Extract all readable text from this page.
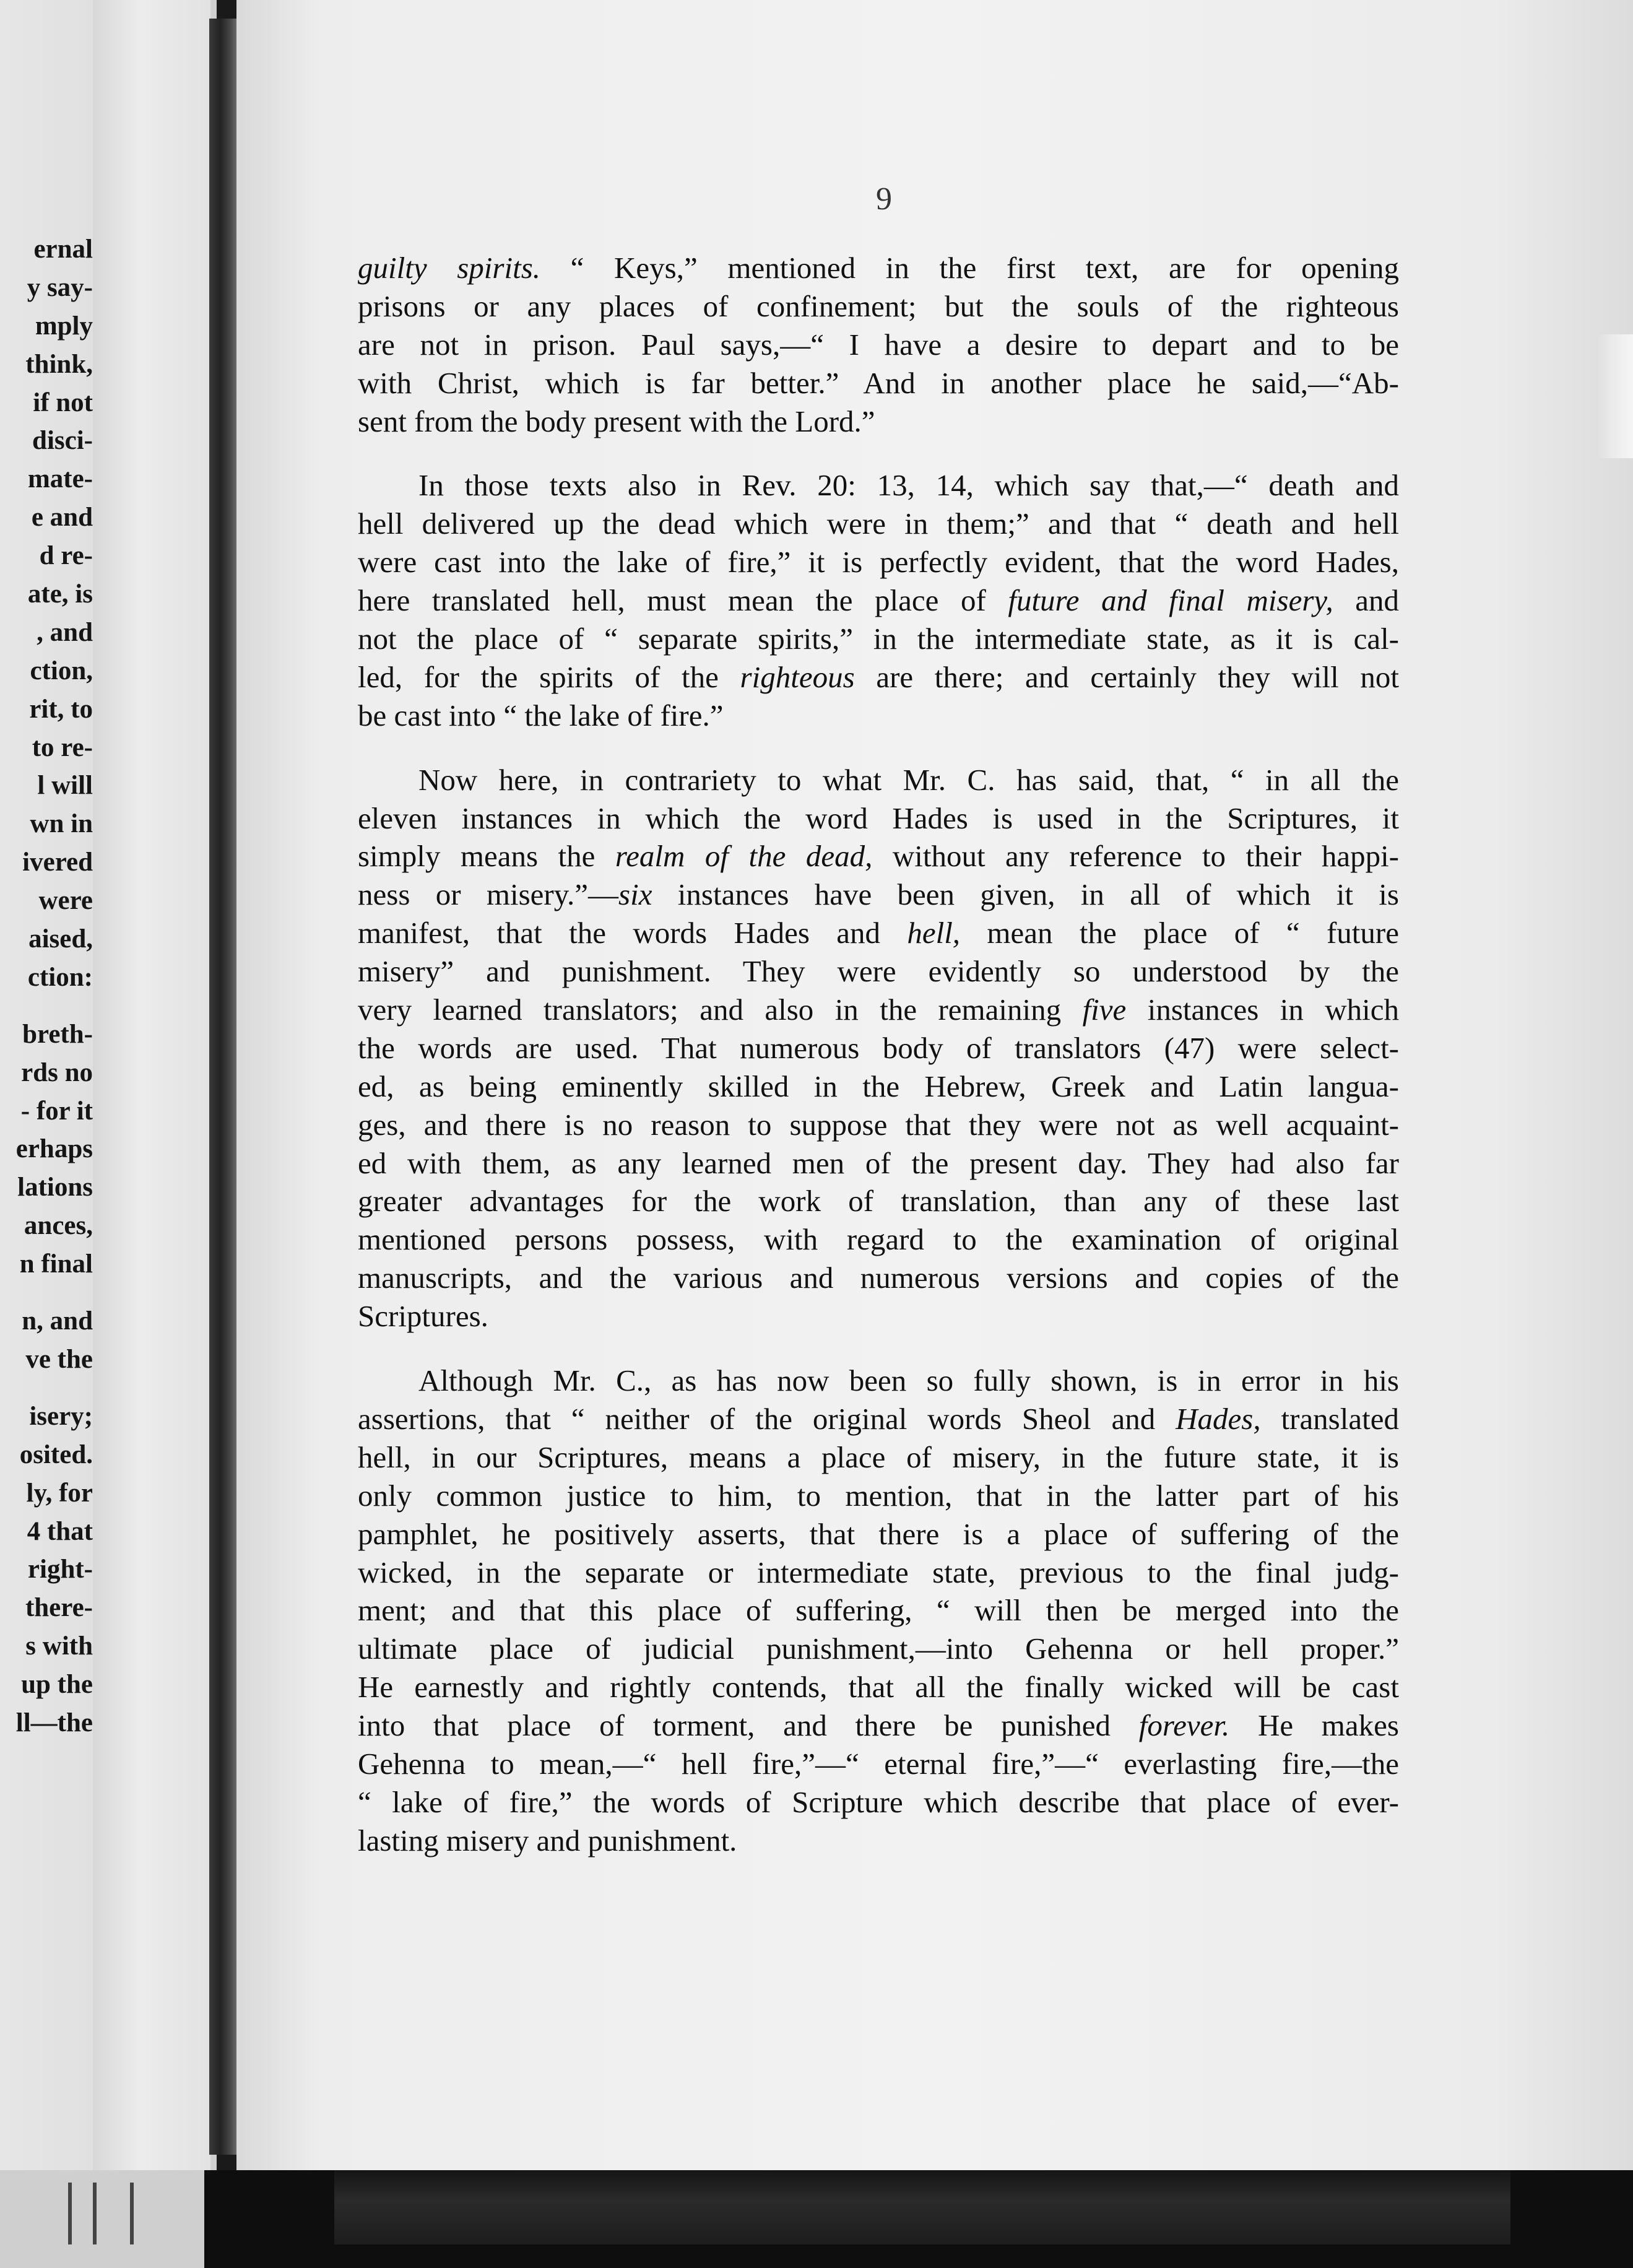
ernal
y say-
mply
think,
if not
disci-
mate-
e and
d re-
ate, is
, and
ction,
rit, to
to re-
l will
wn in
ivered
were
aised,
ction:
breth-
rds no
- for it
erhaps
lations
ances,
n final
n, and
ve the
isery;
osited.
ly, for
4 that
right-
there-
s with
up the
ll—the
9
guilty spirits. “ Keys,” mentioned in the first text, are for opening
prisons or any places of confinement; but the souls of the righteous
are not in prison. Paul says,—“ I have a desire to depart and to be
with Christ, which is far better.” And in another place he said,—“Ab-
sent from the body present with the Lord.”
In those texts also in Rev. 20: 13, 14, which say that,—“ death and
hell delivered up the dead which were in them;” and that “ death and hell
were cast into the lake of fire,” it is perfectly evident, that the word Hades,
here translated hell, must mean the place of future and final misery, and
not the place of “ separate spirits,” in the intermediate state, as it is cal-
led, for the spirits of the righteous are there; and certainly they will not
be cast into “ the lake of fire.”
Now here, in contrariety to what Mr. C. has said, that, “ in all the
eleven instances in which the word Hades is used in the Scriptures, it
simply means the realm of the dead, without any reference to their happi-
ness or misery.”—six instances have been given, in all of which it is
manifest, that the words Hades and hell, mean the place of “ future
misery” and punishment. They were evidently so understood by the
very learned translators; and also in the remaining five instances in which
the words are used. That numerous body of translators (47) were select-
ed, as being eminently skilled in the Hebrew, Greek and Latin langua-
ges, and there is no reason to suppose that they were not as well acquaint-
ed with them, as any learned men of the present day. They had also far
greater advantages for the work of translation, than any of these last
mentioned persons possess, with regard to the examination of original
manuscripts, and the various and numerous versions and copies of the
Scriptures.
Although Mr. C., as has now been so fully shown, is in error in his
assertions, that “ neither of the original words Sheol and Hades, translated
hell, in our Scriptures, means a place of misery, in the future state, it is
only common justice to him, to mention, that in the latter part of his
pamphlet, he positively asserts, that there is a place of suffering of the
wicked, in the separate or intermediate state, previous to the final judg-
ment; and that this place of suffering, “ will then be merged into the
ultimate place of judicial punishment,—into Gehenna or hell proper.”
He earnestly and rightly contends, that all the finally wicked will be cast
into that place of torment, and there be punished forever. He makes
Gehenna to mean,—“ hell fire,”—“ eternal fire,”—“ everlasting fire,—the
“ lake of fire,” the words of Scripture which describe that place of ever-
lasting misery and punishment.
